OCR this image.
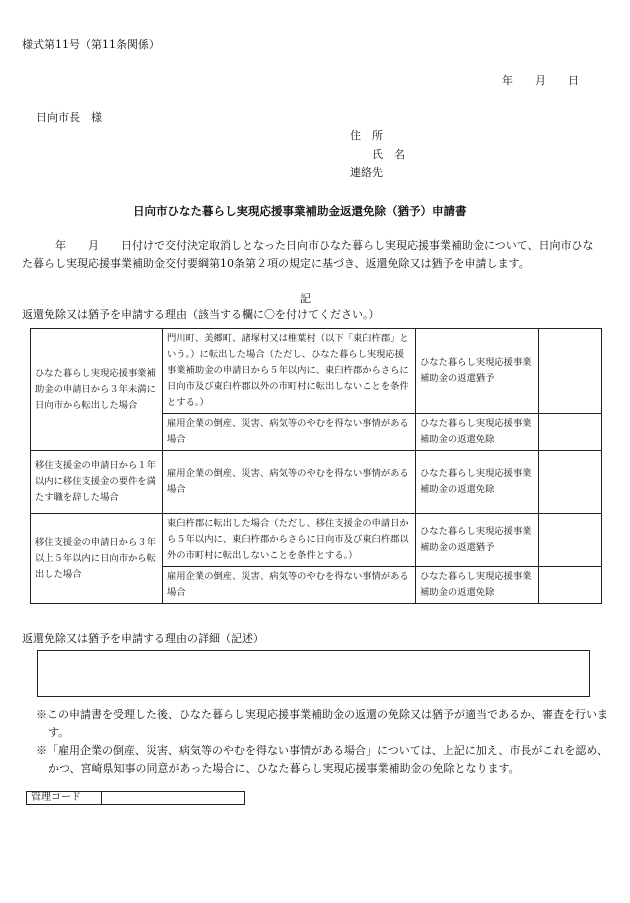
様式第11号（第11条関係）
年　　月　　日
日向市長　様
住　所
氏　名
連絡先
日向市ひなた暮らし実現応援事業補助金返還免除（猶予）申請書
　　　年　　月　　日付けで交付決定取消しとなった日向市ひなた暮らし実現応援事業補助金について、日向市ひなた暮らし実現応援事業補助金交付要綱第10条第２項の規定に基づき、返還免除又は猶予を申請します。
記
返還免除又は猶予を申請する理由（該当する欄に〇を付けてください。）
ひなた暮らし実現応援事業補助金の申請日から３年未満に日向市から転出した場合	門川町、美郷町、諸塚村又は椎葉村（以下「東臼杵郡」という。）に転出した場合（ただし、ひなた暮らし実現応援事業補助金の申請日から５年以内に、東臼杵郡からさらに日向市及び東臼杵郡以外の市町村に転出しないことを条件とする。）	ひなた暮らし実現応援事業補助金の返還猶予	
	雇用企業の倒産、災害、病気等のやむを得ない事情がある場合	ひなた暮らし実現応援事業補助金の返還免除	
移住支援金の申請日から１年以内に移住支援金の要件を満たす職を辞した場合	雇用企業の倒産、災害、病気等のやむを得ない事情がある場合	ひなた暮らし実現応援事業補助金の返還免除	
移住支援金の申請日から３年以上５年以内に日向市から転出した場合	東臼杵郡に転出した場合（ただし、移住支援金の申請日から５年以内に、東臼杵郡からさらに日向市及び東臼杵郡以外の市町村に転出しないことを条件とする。）	ひなた暮らし実現応援事業補助金の返還猶予	
	雇用企業の倒産、災害、病気等のやむを得ない事情がある場合	ひなた暮らし実現応援事業補助金の返還免除	
返還免除又は猶予を申請する理由の詳細（記述）
※この申請書を受理した後、ひなた暮らし実現応援事業補助金の返還の免除又は猶予が適当であるか、審査を行います。
※「雇用企業の倒産、災害、病気等のやむを得ない事情がある場合」については、上記に加え、市長がこれを認め、かつ、宮崎県知事の同意があった場合に、ひなた暮らし実現応援事業補助金の免除となります。
管理コード	
